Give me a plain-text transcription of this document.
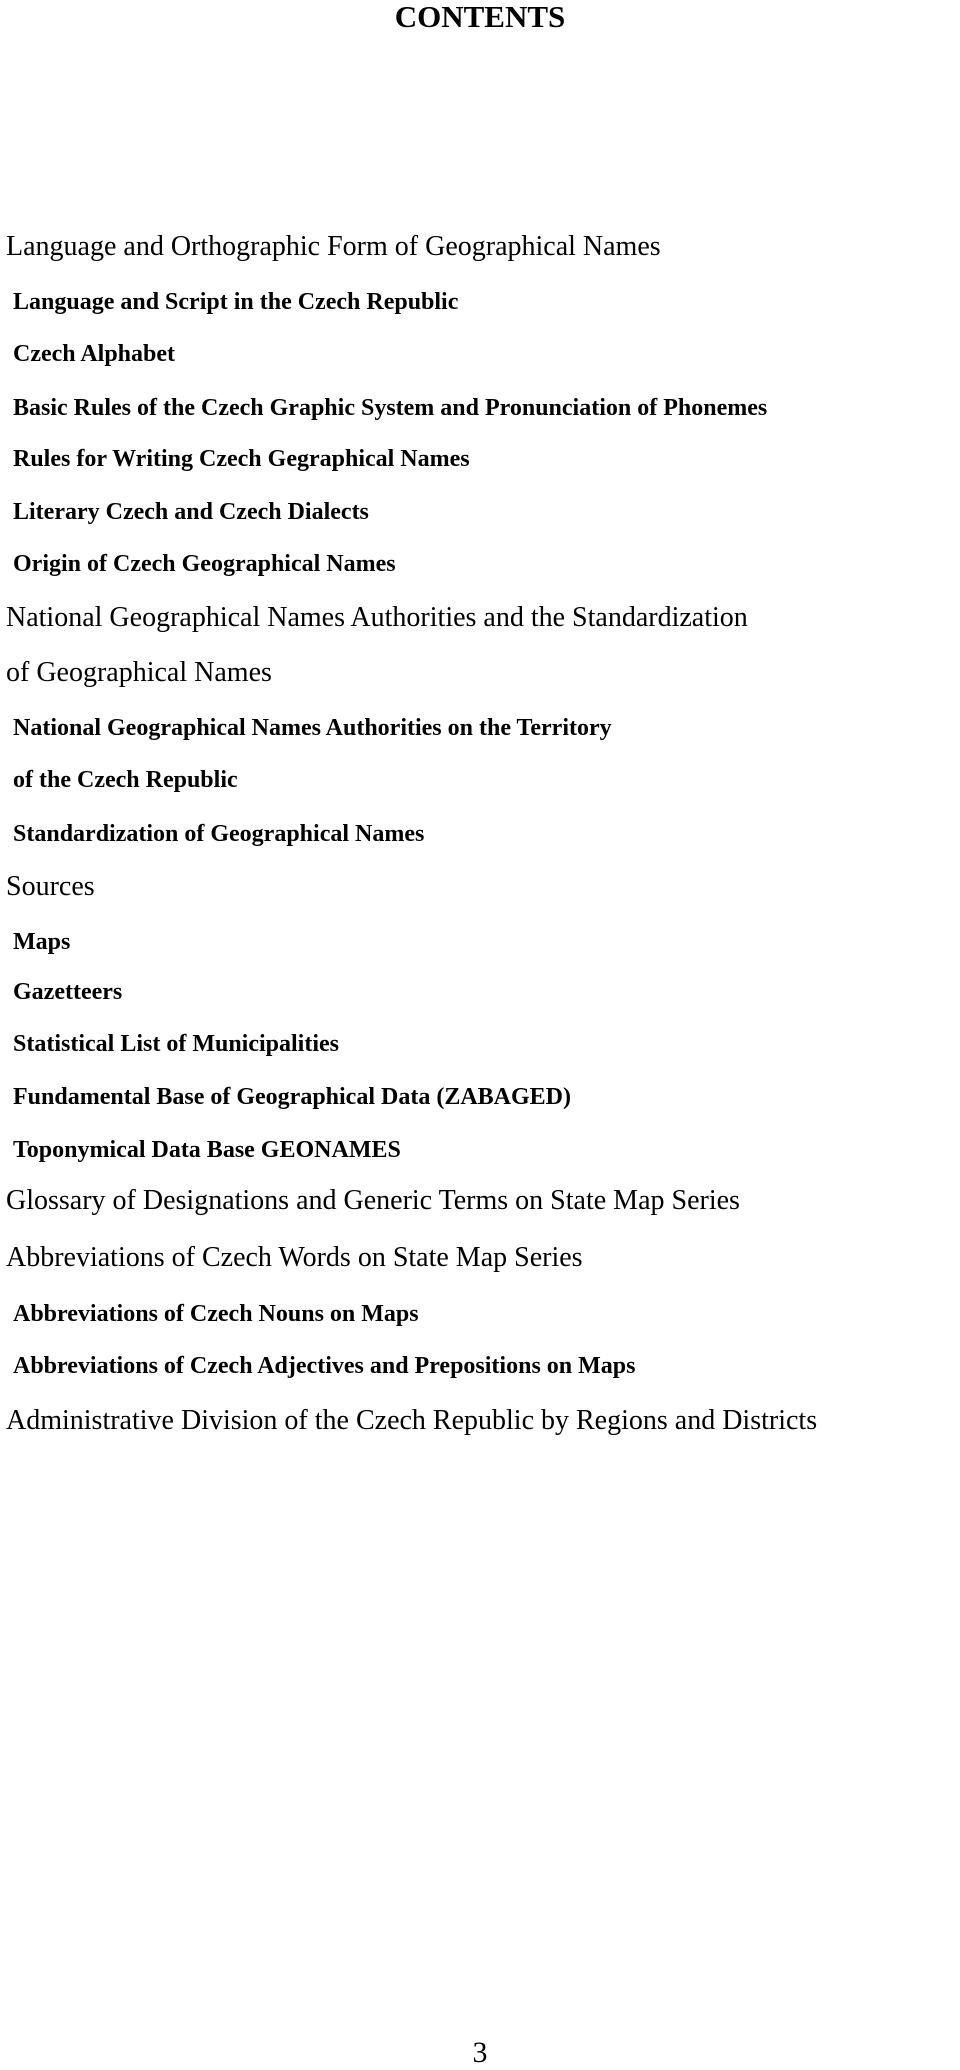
CONTENTS

Language and Orthographic Form of Geographical Names

Language and Script in the Czech Republic

Czech Alphabet

Basic Rules of the Czech Graphic System and Pronunciation of Phonemes

Rules for Writing Czech Gegraphical Names

Literary Czech and Czech Dialects

Origin of Czech Geographical Names

National Geographical Names Authorities and the Standardization

of Geographical Names

National Geographical Names Authorities on the Territory

of the Czech Republic

Standardization of Geographical Names

Sources

Maps

Gazetteers

Statistical List of Municipalities

Fundamental Base of Geographical Data (ZABAGED)

Toponymical Data Base GEONAMES

Glossary of Designations and Generic Terms on State Map Series

Abbreviations of Czech Words on State Map Series

Abbreviations of Czech Nouns on Maps

Abbreviations of Czech Adjectives and Prepositions on Maps

Administrative Division of the Czech Republic by Regions and Districts

3
